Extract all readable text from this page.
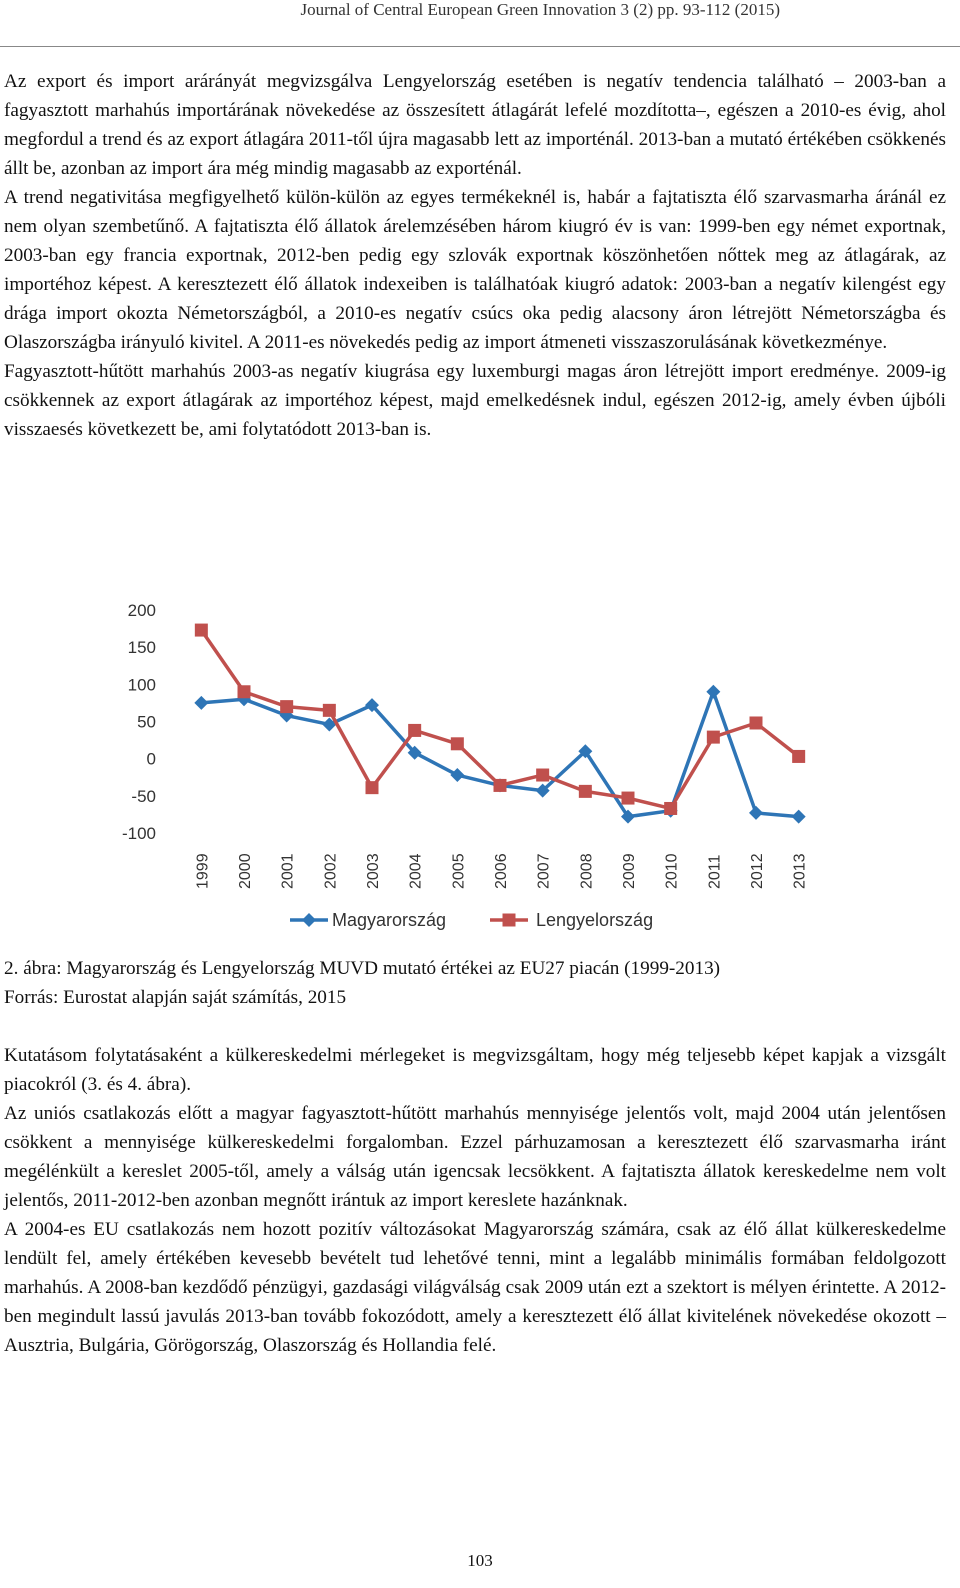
Journal of Central European Green Innovation 3 (2) pp. 93-112 (2015)

Az export és import arárányát megvizsgálva Lengyelország esetében is negatív tendencia található – 2003-ban a fagyasztott marhahús importárának növekedése az összesített átlagárát lefelé mozdította–, egészen a 2010-es évig, ahol megfordul a trend és az export átlagára 2011-től újra magasabb lett az importénál. 2013-ban a mutató értékében csökkenés állt be, azonban az import ára még mindig magasabb az exporténál.

A trend negativitása megfigyelhető külön-külön az egyes termékeknél is, habár a fajtatiszta élő szarvasmarha áránál ez nem olyan szembetűnő. A fajtatiszta élő állatok árelemzésében három kiugró év is van: 1999-ben egy német exportnak, 2003-ban egy francia exportnak, 2012-ben pedig egy szlovák exportnak köszönhetően nőttek meg az átlagárak, az importéhoz képest. A keresztezett élő állatok indexeiben is találhatóak kiugró adatok: 2003-ban a negatív kilengést egy drága import okozta Németországból, a 2010-es negatív csúcs oka pedig alacsony áron létrejött Németországba és Olaszországba irányuló kivitel. A 2011-es növekedés pedig az import átmeneti visszaszorulásának következménye.

Fagyasztott-hűtött marhahús 2003-as negatív kiugrása egy luxemburgi magas áron létrejött import eredménye. 2009-ig csökkennek az export átlagárak az importéhoz képest, majd emelkedésnek indul, egészen 2012-ig, amely évben újbóli visszaesés következett be, ami folytatódott 2013-ban is.

200
150
100
50
0
-50
-100
1999 2000 2001 2002 2003 2004 2005 2006 2007 2008 2009 2010 2011 2012 2013
Magyarország	Lengyelország

2. ábra: Magyarország és Lengyelország MUVD mutató értékei az EU27 piacán (1999-2013)

Forrás: Eurostat alapján saját számítás, 2015

Kutatásom folytatásaként a külkereskedelmi mérlegeket is megvizsgáltam, hogy még teljesebb képet kapjak a vizsgált piacokról (3. és 4. ábra).

Az uniós csatlakozás előtt a magyar fagyasztott-hűtött marhahús mennyisége jelentős volt, majd 2004 után jelentősen csökkent a mennyisége külkereskedelmi forgalomban. Ezzel párhuzamosan a keresztezett élő szarvasmarha iránt megélénkült a kereslet 2005-től, amely a válság után igencsak lecsökkent. A fajtatiszta állatok kereskedelme nem volt jelentős, 2011-2012-ben azonban megnőtt irántuk az import kereslete hazánknak.

A 2004-es EU csatlakozás nem hozott pozitív változásokat Magyarország számára, csak az élő állat külkereskedelme lendült fel, amely értékében kevesebb bevételt tud lehetővé tenni, mint a legalább minimális formában feldolgozott marhahús. A 2008-ban kezdődő pénzügyi, gazdasági világválság csak 2009 után ezt a szektort is mélyen érintette. A 2012-ben megindult lassú javulás 2013-ban tovább fokozódott, amely a keresztezett élő állat kivitelének növekedése okozott – Ausztria, Bulgária, Görögország, Olaszország és Hollandia felé.

103
